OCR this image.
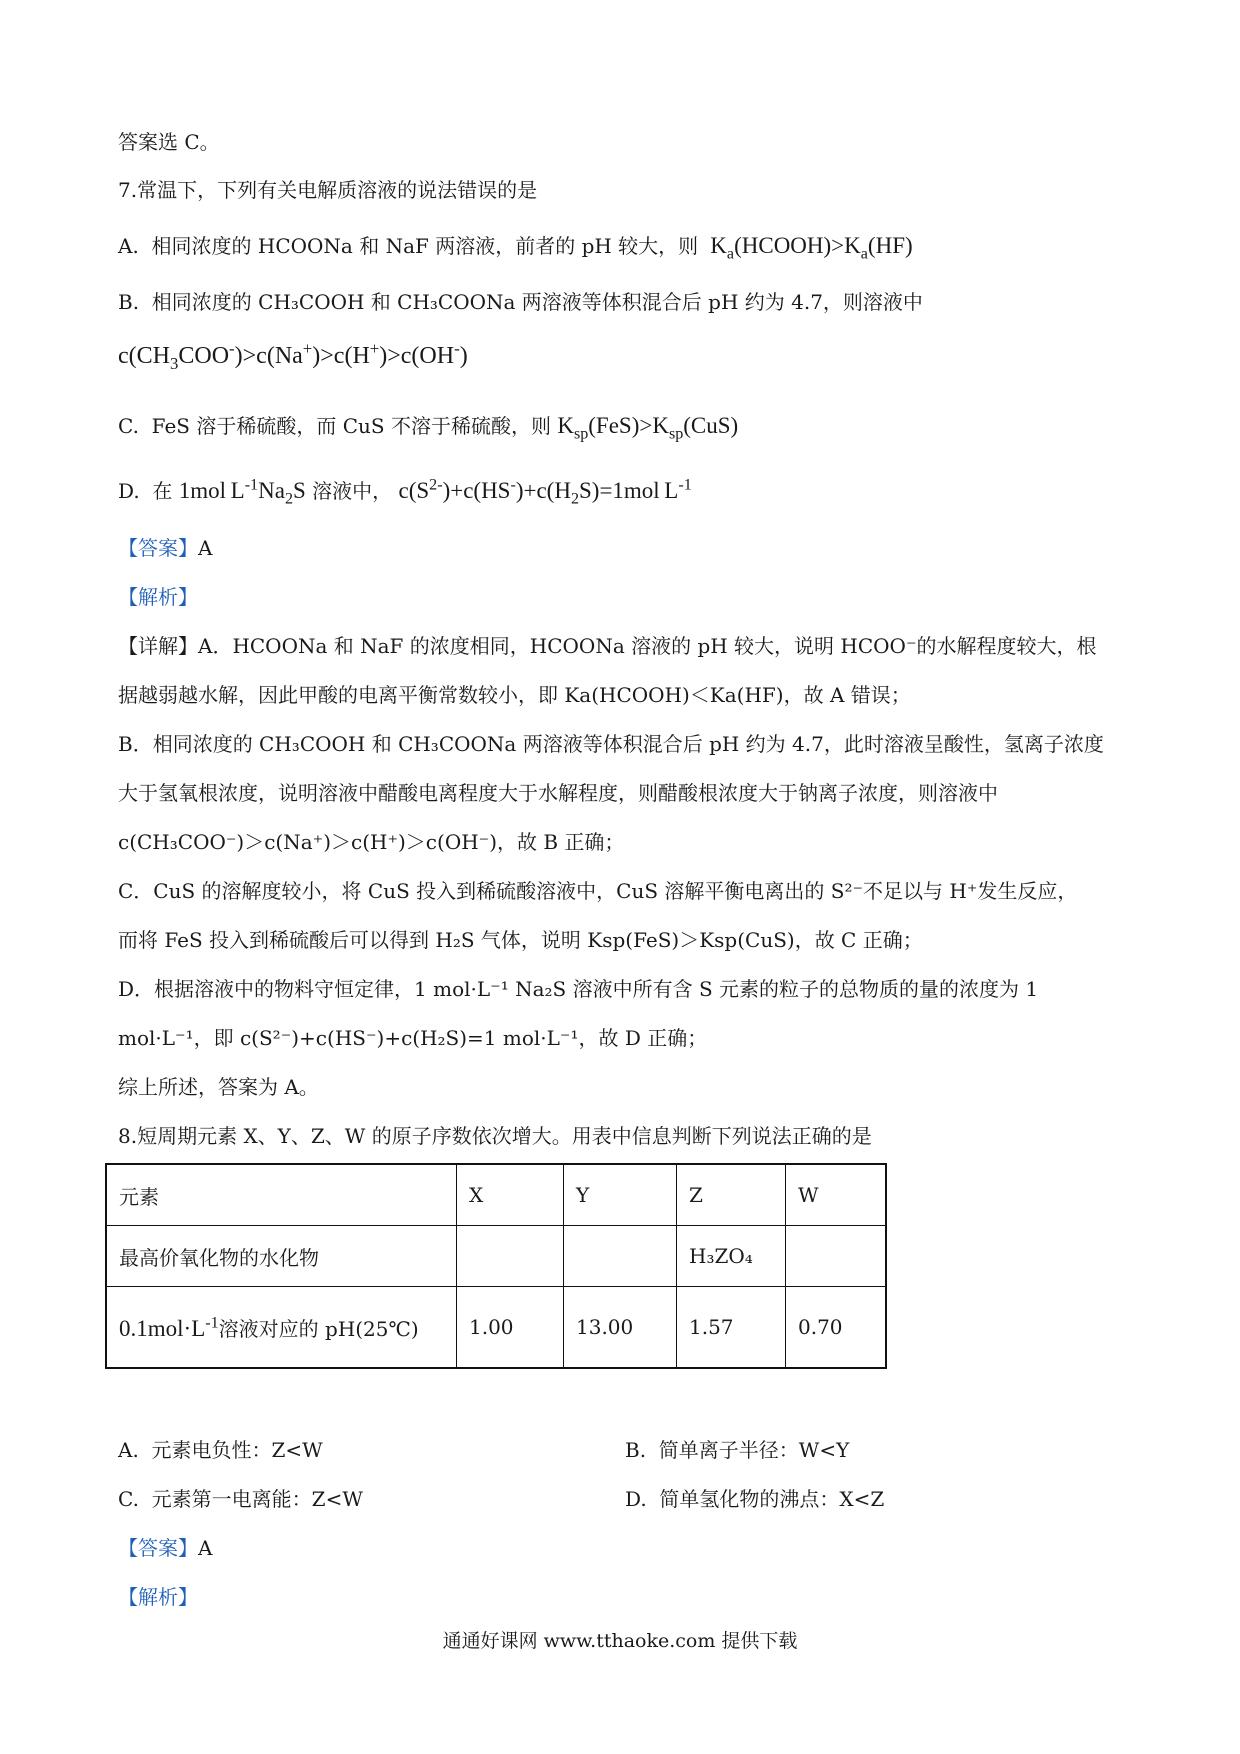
答案选 C。
7.常温下，下列有关电解质溶液的说法错误的是
A. 相同浓度的 HCOONa 和 NaF 两溶液，前者的 pH 较大，则  $K_a(HCOOH)>K_a(HF)$
B. 相同浓度的 CH₃COOH 和 CH₃COONa 两溶液等体积混合后 pH 约为 4.7，则溶液中
$c(CH_3COO^-)>c(Na^+)>c(H^+)>c(OH^-)$
C. FeS 溶于稀硫酸，而 CuS 不溶于稀硫酸，则 $K_{sp}(FeS)>K_{sp}(CuS)$
D. 在 1mol $L^{-1}Na_2S$ 溶液中， $c(S^{2-})+c(HS^-)+c(H_2S)=1mol$ $L^{-1}$
【答案】A
【解析】
【详解】A．HCOONa 和 NaF 的浓度相同，HCOONa 溶液的 pH 较大，说明 HCOO⁻的水解程度较大，根
据越弱越水解，因此甲酸的电离平衡常数较小，即 Ka(HCOOH)＜Ka(HF)，故 A 错误；
B．相同浓度的 CH₃COOH 和 CH₃COONa 两溶液等体积混合后 pH 约为 4.7，此时溶液呈酸性，氢离子浓度
大于氢氧根浓度，说明溶液中醋酸电离程度大于水解程度，则醋酸根浓度大于钠离子浓度，则溶液中
c(CH₃COO⁻)＞c(Na⁺)＞c(H⁺)＞c(OH⁻)，故 B 正确；
C．CuS 的溶解度较小，将 CuS 投入到稀硫酸溶液中，CuS 溶解平衡电离出的 S²⁻不足以与 H⁺发生反应，
而将 FeS 投入到稀硫酸后可以得到 H₂S 气体，说明 Ksp(FeS)＞Ksp(CuS)，故 C 正确；
D．根据溶液中的物料守恒定律，1 mol·L⁻¹ Na₂S 溶液中所有含 S 元素的粒子的总物质的量的浓度为 1
mol·L⁻¹，即 c(S²⁻)+c(HS⁻)+c(H₂S)=1 mol·L⁻¹，故 D 正确；
综上所述，答案为 A。
8.短周期元素 X、Y、Z、W 的原子序数依次增大。用表中信息判断下列说法正确的是
元素	X	Y	Z	W
最高价氧化物的水化物			H₃ZO₄	
$0.1mol\cdot L^{-1}$溶液对应的 pH(25℃)	1.00	13.00	1.57	0.70
A. 元素电负性：Z<W	B. 简单离子半径：W<Y
C. 元素第一电离能：Z<W	D. 简单氢化物的沸点：X<Z
【答案】A
【解析】
通通好课网 www.tthaoke.com 提供下载
